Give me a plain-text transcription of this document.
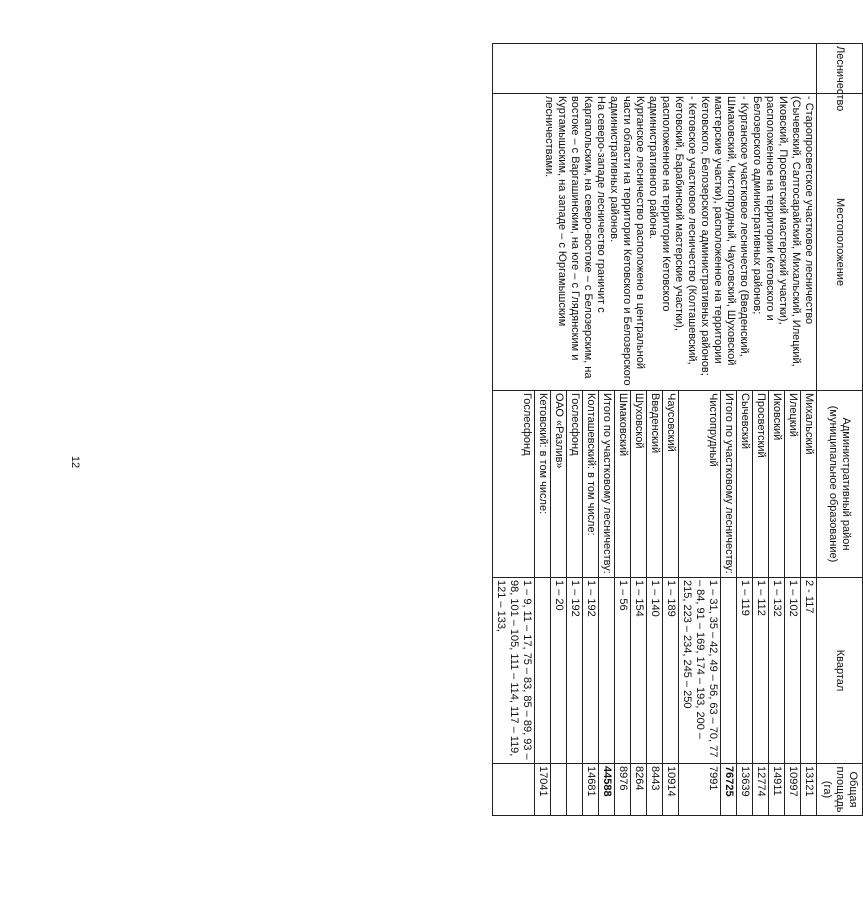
12
Лесничество	Местоположение	Административный район (муниципальное образование)	Квартал	Общая площадь (га)
	- Старопросветское участковое лесничество (Сычевский, Салтосарайский, Михальский, Илецкий, Иковский, Просветский мастерский участки), расположенное на территории Кетовского и Белозерского административных районов;
- Курганское участковое лесничество (Введенский, Шмаковский, Чистопрудный, Чаусовский, Шуховской мастерские участки), расположенное на территории Кетовского, Белозерского административных районов;
- Кетовское участковое лесничество (Колташевский, Кетовский, Барабинский мастерские участки), расположенное на территории Кетовского административного района.
Курганское лесничество расположено в центральной части области на территории Кетовского и Белозерского административных районов.
На северо-западе лесничество граничит с Каргапольским, на северо-востоке – с Белозерским, на востоке – с Варгашинским, на юге – с Глядянским и Куртамышским, на западе – с Юргамышским лесничествами.	Михальский	2 - 117	13121
		Илецкий	1 – 102	10997
		Иковский	1 – 132	14911
		Просветский	1 – 112	12774
		Сычевский	1 – 119	13639
		Итого по участковому лесничеству:		76725
		Чистопрудный	1 – 31, 35 – 42, 49 – 56, 63 – 70, 77 – 84, 91 – 169, 174 – 193, 200 – 215, 223 – 234, 245 – 250	7991
		Чаусовский	1 – 189	10914
		Введенский	1 – 140	8443
		Шуховской	1 – 154	8264
		Шмаковский	1 – 56	8976
		Итого по участковому лесничеству:		44588
		Колташевский: в том числе:	1 – 192	14681
		Гослесфонд	1 – 192	
		ОАО «Разлив»	1 – 20	
		Кетовский: в том числе:		17041
		Гослесфонд	1 – 9, 11 – 17, 75 – 83, 85 – 89, 93 – 98, 101 – 105, 111 – 114, 117 – 119, 121 – 133,	
